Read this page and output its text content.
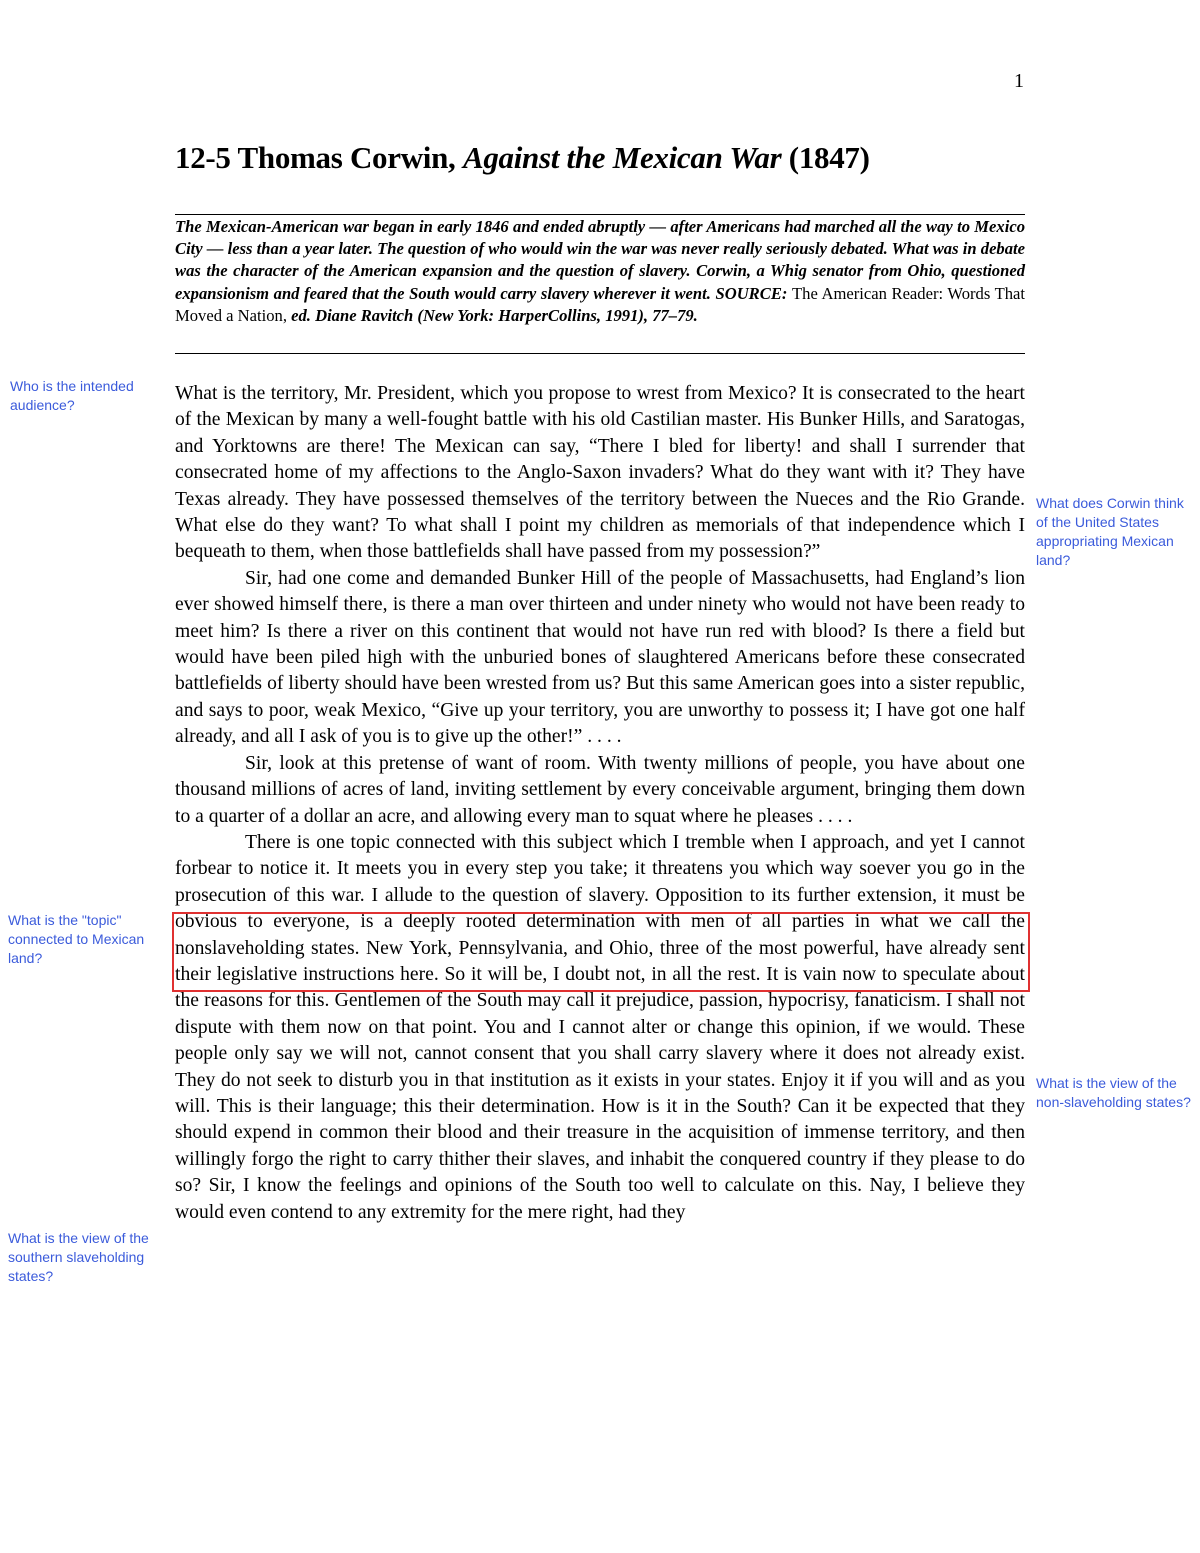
1
12-5 Thomas Corwin, Against the Mexican War (1847)

The Mexican-American war began in early 1846 and ended abruptly — after Americans had marched all the way to Mexico City — less than a year later. The question of who would win the war was never really seriously debated. What was in debate was the character of the American expansion and the question of slavery. Corwin, a Whig senator from Ohio, questioned expansionism and feared that the South would carry slavery wherever it went. SOURCE: The American Reader: Words That Moved a Nation, ed. Diane Ravitch (New York: HarperCollins, 1991), 77–79.

What is the territory, Mr. President, which you propose to wrest from Mexico? It is consecrated to the heart of the Mexican by many a well-fought battle with his old Castilian master. His Bunker Hills, and Saratogas, and Yorktowns are there! The Mexican can say, “There I bled for liberty! and shall I surrender that consecrated home of my affections to the Anglo-Saxon invaders? What do they want with it? They have Texas already. They have possessed themselves of the territory between the Nueces and the Rio Grande. What else do they want? To what shall I point my children as memorials of that independence which I bequeath to them, when those battlefields shall have passed from my possession?”

Sir, had one come and demanded Bunker Hill of the people of Massachusetts, had England’s lion ever showed himself there, is there a man over thirteen and under ninety who would not have been ready to meet him? Is there a river on this continent that would not have run red with blood? Is there a field but would have been piled high with the unburied bones of slaughtered Americans before these consecrated battlefields of liberty should have been wrested from us? But this same American goes into a sister republic, and says to poor, weak Mexico, “Give up your territory, you are unworthy to possess it; I have got one half already, and all I ask of you is to give up the other!” . . . .

Sir, look at this pretense of want of room. With twenty millions of people, you have about one thousand millions of acres of land, inviting settlement by every conceivable argument, bringing them down to a quarter of a dollar an acre, and allowing every man to squat where he pleases . . . .

There is one topic connected with this subject which I tremble when I approach, and yet I cannot forbear to notice it. It meets you in every step you take; it threatens you which way soever you go in the prosecution of this war. I allude to the question of slavery. Opposition to its further extension, it must be obvious to everyone, is a deeply rooted determination with men of all parties in what we call the nonslaveholding states. New York, Pennsylvania, and Ohio, three of the most powerful, have already sent their legislative instructions here. So it will be, I doubt not, in all the rest. It is vain now to speculate about the reasons for this. Gentlemen of the South may call it prejudice, passion, hypocrisy, fanaticism. I shall not dispute with them now on that point. You and I cannot alter or change this opinion, if we would. These people only say we will not, cannot consent that you shall carry slavery where it does not already exist. They do not seek to disturb you in that institution as it exists in your states. Enjoy it if you will and as you will. This is their language; this their determination. How is it in the South? Can it be expected that they should expend in common their blood and their treasure in the acquisition of immense territory, and then willingly forgo the right to carry thither their slaves, and inhabit the conquered country if they please to do so? Sir, I know the feelings and opinions of the South too well to calculate on this. Nay, I believe they would even contend to any extremity for the mere right, had they

Who is the intended audience?

What does Corwin think of the United States appropriating Mexican land?

What is the "topic" connected to Mexican land?

What is the view of the non-slaveholding states?

What is the view of the southern slaveholding states?
